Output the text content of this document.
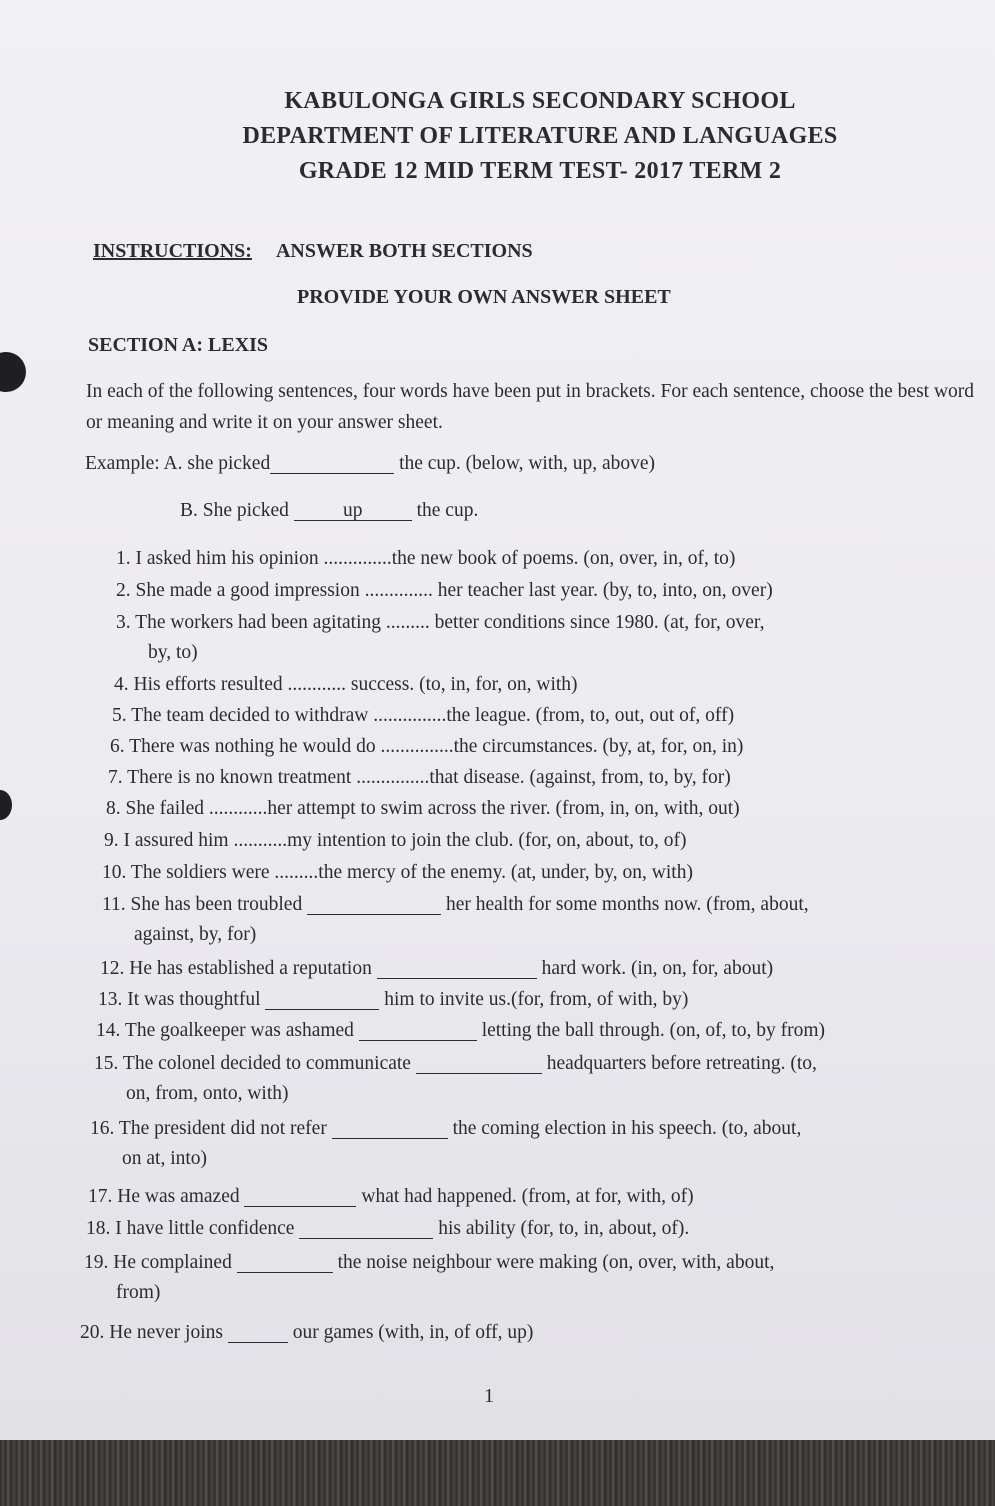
KABULONGA GIRLS SECONDARY SCHOOL
DEPARTMENT OF LITERATURE AND LANGUAGES
GRADE 12 MID TERM TEST- 2017 TERM 2
INSTRUCTIONS: ANSWER BOTH SECTIONS
PROVIDE YOUR OWN ANSWER SHEET
SECTION A: LEXIS
In each of the following sentences, four words have been put in brackets. For each sentence, choose the best word or meaning and write it on your answer sheet.
Example: A. she picked	the cup. (below, with, up, above)
B. She picked	up	the cup.
1. I asked him his opinion ..............the new book of poems. (on, over, in, of, to)
2. She made a good impression .............. her teacher last year. (by, to, into, on, over)
3. The workers had been agitating ......... better conditions since 1980. (at, for, over,
by, to)
4. His efforts resulted ............ success. (to, in, for, on, with)
5. The team decided to withdraw ...............the league. (from, to, out, out of, off)
6. There was nothing he would do ...............the circumstances. (by, at, for, on, in)
7. There is no known treatment ...............that disease. (against, from, to, by, for)
8. She failed ............her attempt to swim across the river. (from, in, on, with, out)
9. I assured him ...........my intention to join the club. (for, on, about, to, of)
10. The soldiers were .........the mercy of the enemy. (at, under, by, on, with)
11. She has been troubled	her health for some months now. (from, about,
against, by, for)
12. He has established a reputation	hard work. (in, on, for, about)
13. It was thoughtful	him to invite us.(for, from, of with, by)
14. The goalkeeper was ashamed	letting the ball through. (on, of, to, by from)
15. The colonel decided to communicate	headquarters before retreating. (to,
on, from, onto, with)
16. The president did not refer	the coming election in his speech. (to, about,
on at, into)
17. He was amazed	what had happened. (from, at for, with, of)
18. I have little confidence	his ability (for, to, in, about, of).
19. He complained	the noise neighbour were making (on, over, with, about,
from)
20. He never joins	our games (with, in, of off, up)
1
